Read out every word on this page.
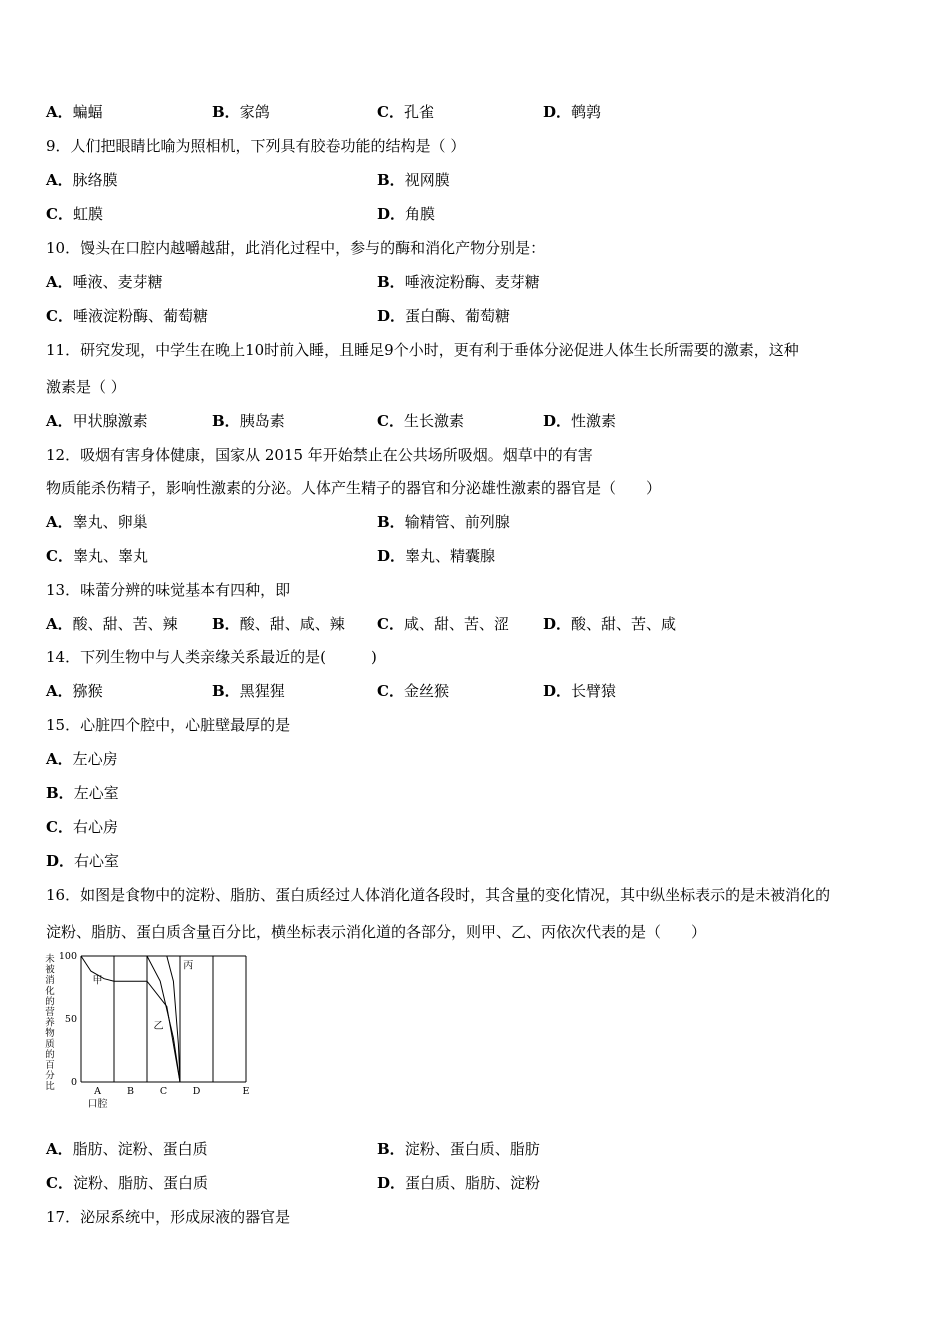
A．蝙蝠	B．家鸽	C．孔雀	D．鹌鹑
9．人们把眼睛比喻为照相机，下列具有胶卷功能的结构是（ ）
A．脉络膜	B．视网膜
C．虹膜	D．角膜
10．馒头在口腔内越嚼越甜，此消化过程中，参与的酶和消化产物分别是：
A．唾液、麦芽糖	B．唾液淀粉酶、麦芽糖
C．唾液淀粉酶、葡萄糖	D．蛋白酶、葡萄糖
11．研究发现，中学生在晚上10时前入睡，且睡足9个小时，更有利于垂体分泌促进人体生长所需要的激素，这种
激素是（ ）
A．甲状腺激素	B．胰岛素	C．生长激素	D．性激素
12．吸烟有害身体健康，国家从 2015 年开始禁止在公共场所吸烟。烟草中的有害
物质能杀伤精子，影响性激素的分泌。人体产生精子的器官和分泌雄性激素的器官是（　　）
A．睾丸、卵巢	B．输精管、前列腺
C．睾丸、睾丸	D．睾丸、精囊腺
13．味蕾分辨的味觉基本有四种，即
A．酸、甜、苦、辣 B．酸、甜、咸、辣 C．咸、甜、苦、涩 D．酸、甜、苦、咸
14．下列生物中与人类亲缘关系最近的是(　　　)
A．猕猴	B．黑猩猩	C．金丝猴	D．长臂猿
15．心脏四个腔中，心脏壁最厚的是
A．左心房
B．左心室
C．右心房
D．右心室
16．如图是食物中的淀粉、脂肪、蛋白质经过人体消化道各段时，其含量的变化情况，其中纵坐标表示的是未被消化的
淀粉、脂肪、蛋白质含量百分比，横坐标表示消化道的各部分，则甲、乙、丙依次代表的是（　　）
未
被
消
化
的
营
养
物
质
的
百
分
比
100
50
0
甲
乙
丙
A	B	C	D	E
口腔
A．脂肪、淀粉、蛋白质	B．淀粉、蛋白质、脂肪
C．淀粉、脂肪、蛋白质	D．蛋白质、脂肪、淀粉
17．泌尿系统中，形成尿液的器官是
